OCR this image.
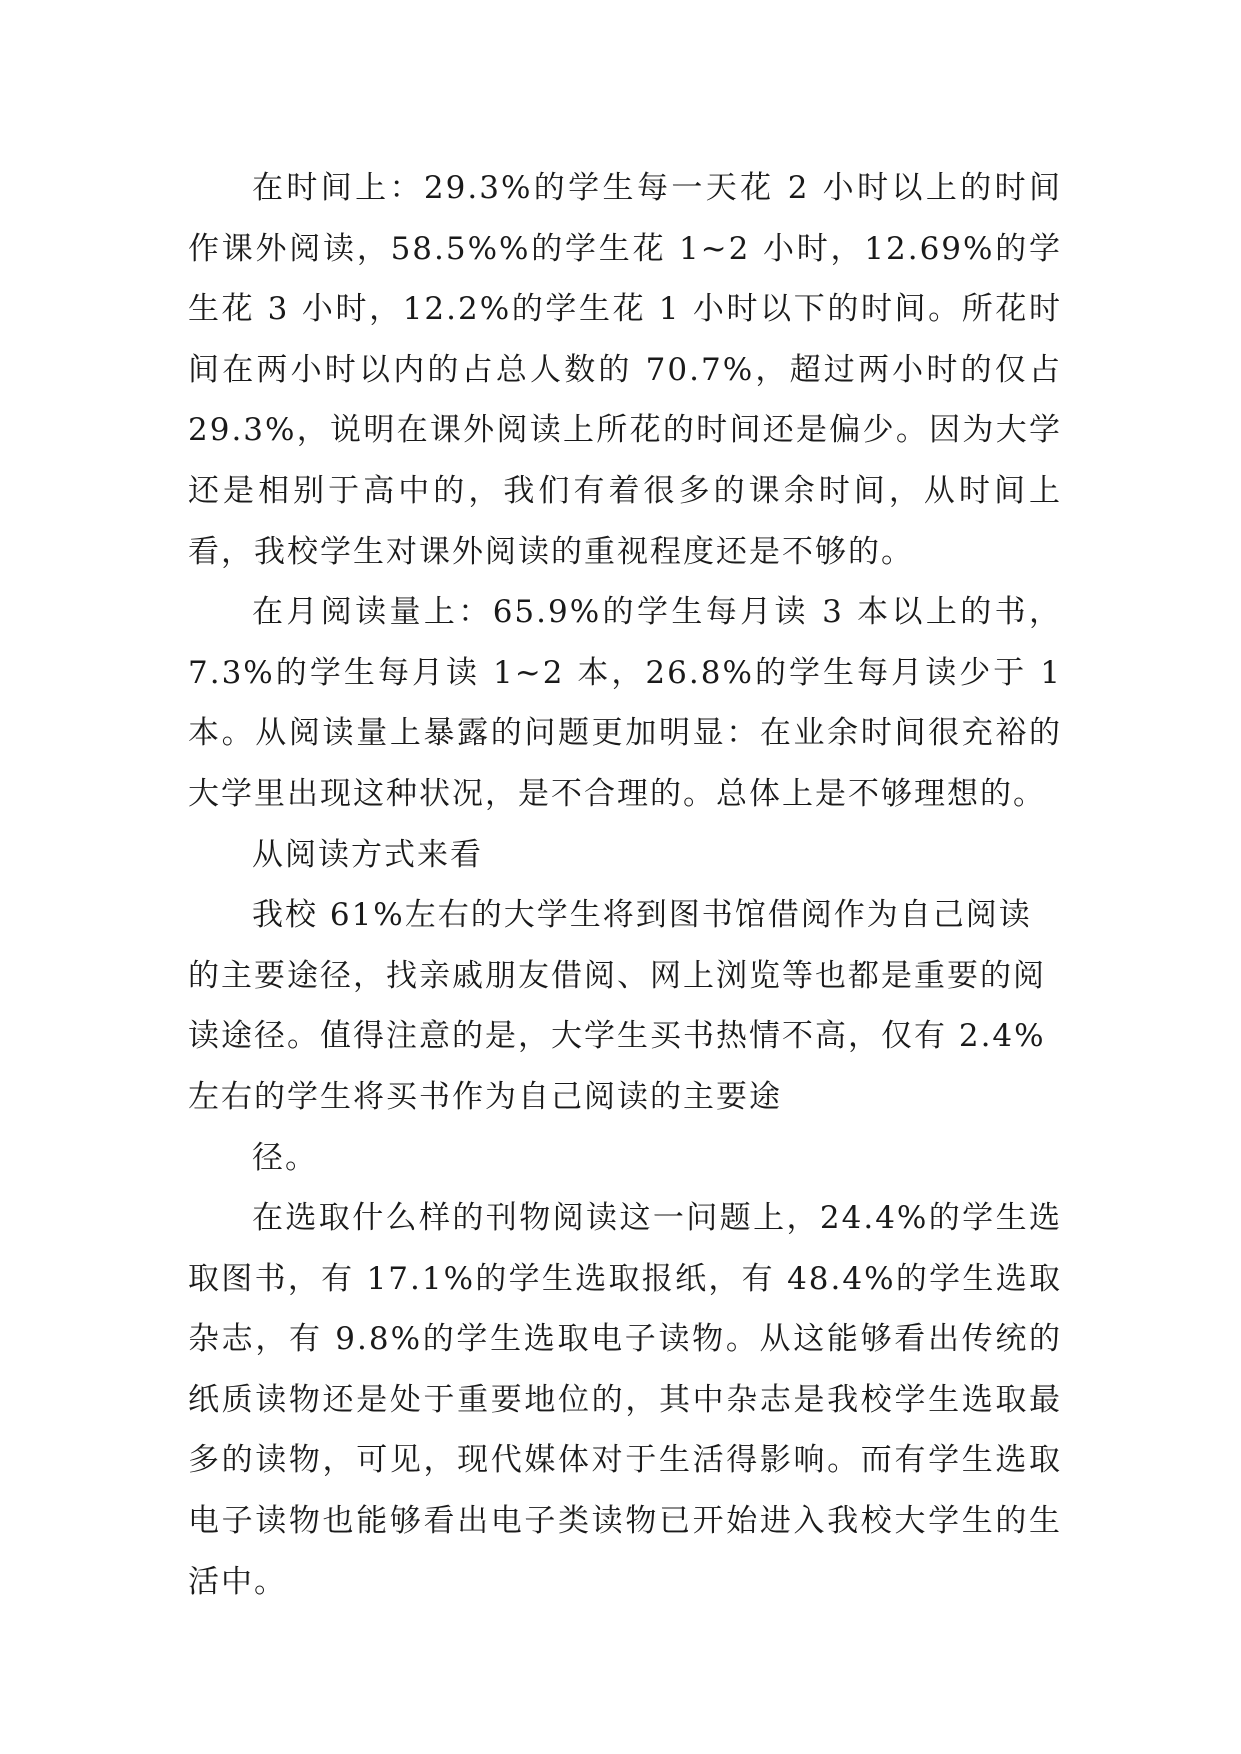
在时间上：29.3%的学生每一天花 2 小时以上的时间作课外阅读，58.5%%的学生花 1~2 小时，12.69%的学生花 3 小时，12.2%的学生花 1 小时以下的时间。所花时间在两小时以内的占总人数的 70.7%，超过两小时的仅占 29.3%，说明在课外阅读上所花的时间还是偏少。因为大学还是相别于高中的，我们有着很多的课余时间，从时间上看，我校学生对课外阅读的重视程度还是不够的。

在月阅读量上：65.9%的学生每月读 3 本以上的书，7.3%的学生每月读 1~2 本，26.8%的学生每月读少于 1 本。从阅读量上暴露的问题更加明显：在业余时间很充裕的大学里出现这种状况，是不合理的。总体上是不够理想的。

从阅读方式来看

我校 61%左右的大学生将到图书馆借阅作为自己阅读的主要途径，找亲戚朋友借阅、网上浏览等也都是重要的阅读途径。值得注意的是，大学生买书热情不高，仅有 2.4%左右的学生将买书作为自己阅读的主要途

径。

在选取什么样的刊物阅读这一问题上，24.4%的学生选取图书，有 17.1%的学生选取报纸，有 48.4%的学生选取杂志，有 9.8%的学生选取电子读物。从这能够看出传统的纸质读物还是处于重要地位的，其中杂志是我校学生选取最多的读物，可见，现代媒体对于生活得影响。而有学生选取电子读物也能够看出电子类读物已开始进入我校大学生的生活中。
